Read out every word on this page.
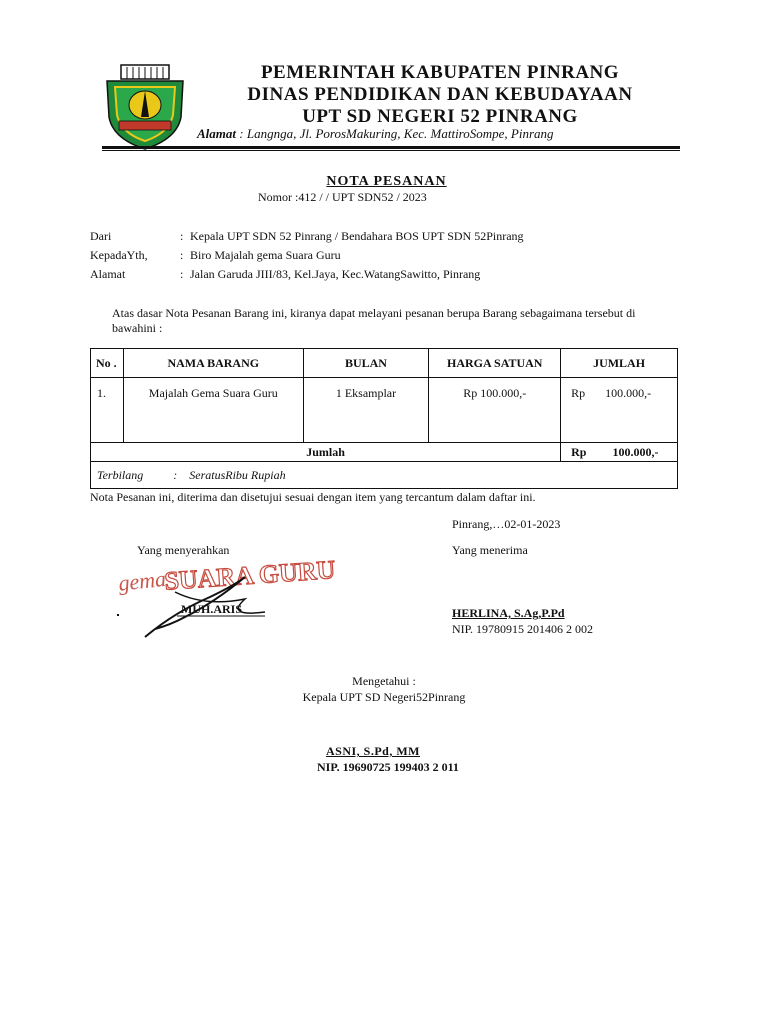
PEMERINTAH KABUPATEN PINRANG
DINAS PENDIDIKAN DAN KEBUDAYAAN
UPT SD NEGERI 52 PINRANG
Alamat : Langnga, Jl. PorosMakuring, Kec. MattiroSompe, Pinrang
NOTA PESANAN
Nomor :412 / / UPT SDN52 / 2023
Dari	: Kepala UPT SDN 52 Pinrang / Bendahara BOS UPT SDN 52Pinrang
KepadaYth,	: Biro Majalah gema Suara Guru
Alamat	: Jalan Garuda JIII/83, Kel.Jaya, Kec.WatangSawitto, Pinrang
Atas dasar Nota Pesanan Barang ini, kiranya dapat melayani pesanan berupa Barang sebagaimana tersebut di bawahini :
No .	NAMA BARANG	BULAN	HARGA SATUAN	JUMLAH
1.	Majalah Gema Suara Guru	1 Eksamplar	Rp 100.000,-	Rp 100.000,-
Jumlah				Rp 100.000,-
Terbilang : SeratusRibu Rupiah				
Nota Pesanan ini, diterima dan disetujui sesuai dengan item yang tercantum dalam daftar ini.
Pinrang,…02-01-2023
Yang menyerahkan	Yang menerima
gema
SUARA GURU
MUH.ARIS	HERLINA, S.Ag,P.Pd
NIP. 19780915 201406 2 002
Mengetahui :
Kepala UPT SD Negeri52Pinrang
ASNI, S.Pd, MM
NIP. 19690725 199403 2 011
